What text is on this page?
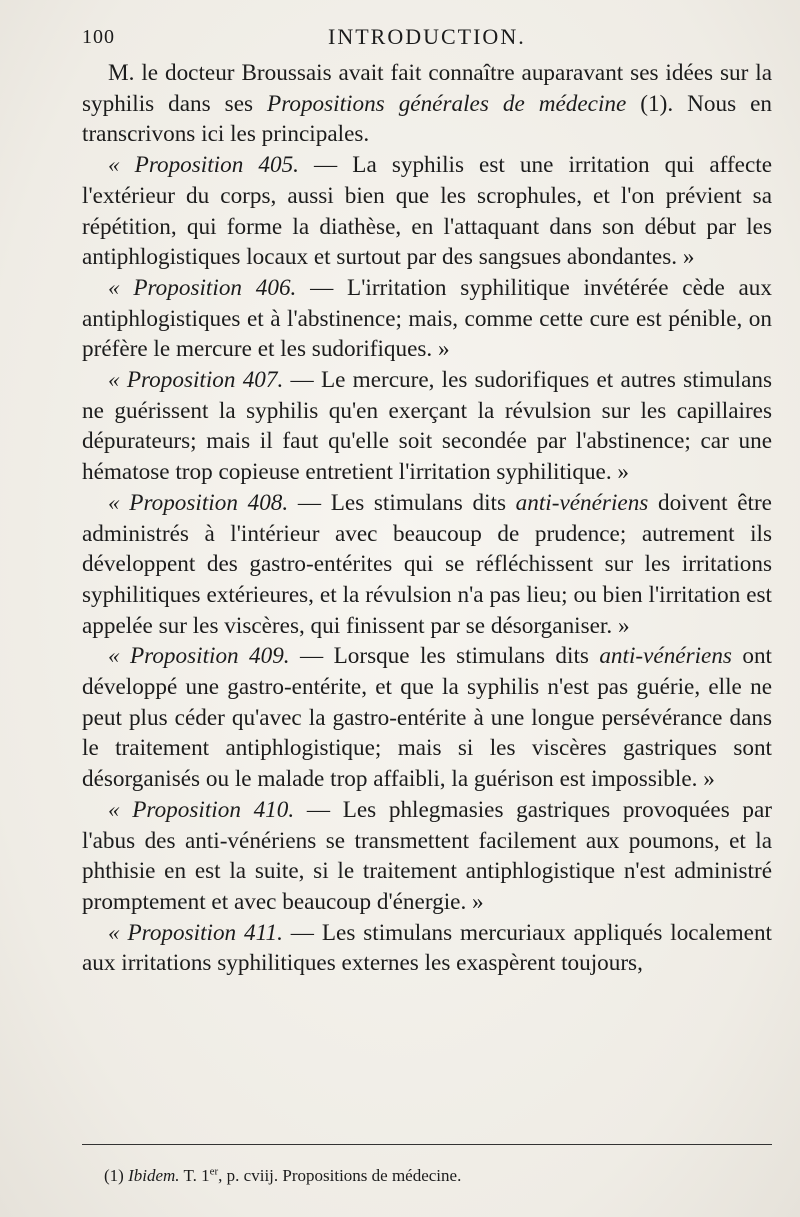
100	INTRODUCTION.

M. le docteur Broussais avait fait connaître auparavant ses idées sur la syphilis dans ses Propositions générales de médecine (1). Nous en transcrivons ici les principales.

« Proposition 405. — La syphilis est une irritation qui affecte l'extérieur du corps, aussi bien que les scrophules, et l'on prévient sa répétition, qui forme la diathèse, en l'attaquant dans son début par les antiphlogistiques locaux et surtout par des sangsues abondantes. »

« Proposition 406. — L'irritation syphilitique invétérée cède aux antiphlogistiques et à l'abstinence; mais, comme cette cure est pénible, on préfère le mercure et les sudorifiques. »

« Proposition 407. — Le mercure, les sudorifiques et autres stimulans ne guérissent la syphilis qu'en exerçant la révulsion sur les capillaires dépurateurs; mais il faut qu'elle soit secondée par l'abstinence; car une hématose trop copieuse entretient l'irritation syphilitique. »

« Proposition 408. — Les stimulans dits anti-vénériens doivent être administrés à l'intérieur avec beaucoup de prudence; autrement ils développent des gastro-entérites qui se réfléchissent sur les irritations syphilitiques extérieures, et la révulsion n'a pas lieu; ou bien l'irritation est appelée sur les viscères, qui finissent par se désorganiser. »

« Proposition 409. — Lorsque les stimulans dits anti-vénériens ont développé une gastro-entérite, et que la syphilis n'est pas guérie, elle ne peut plus céder qu'avec la gastro-entérite à une longue persévérance dans le traitement antiphlogistique; mais si les viscères gastriques sont désorganisés ou le malade trop affaibli, la guérison est impossible. »

« Proposition 410. — Les phlegmasies gastriques provoquées par l'abus des anti-vénériens se transmettent facilement aux poumons, et la phthisie en est la suite, si le traitement antiphlogistique n'est administré promptement et avec beaucoup d'énergie. »

« Proposition 411. — Les stimulans mercuriaux appliqués localement aux irritations syphilitiques externes les exaspèrent toujours,

(1) Ibidem. T. 1er, p. cviij. Propositions de médecine.
